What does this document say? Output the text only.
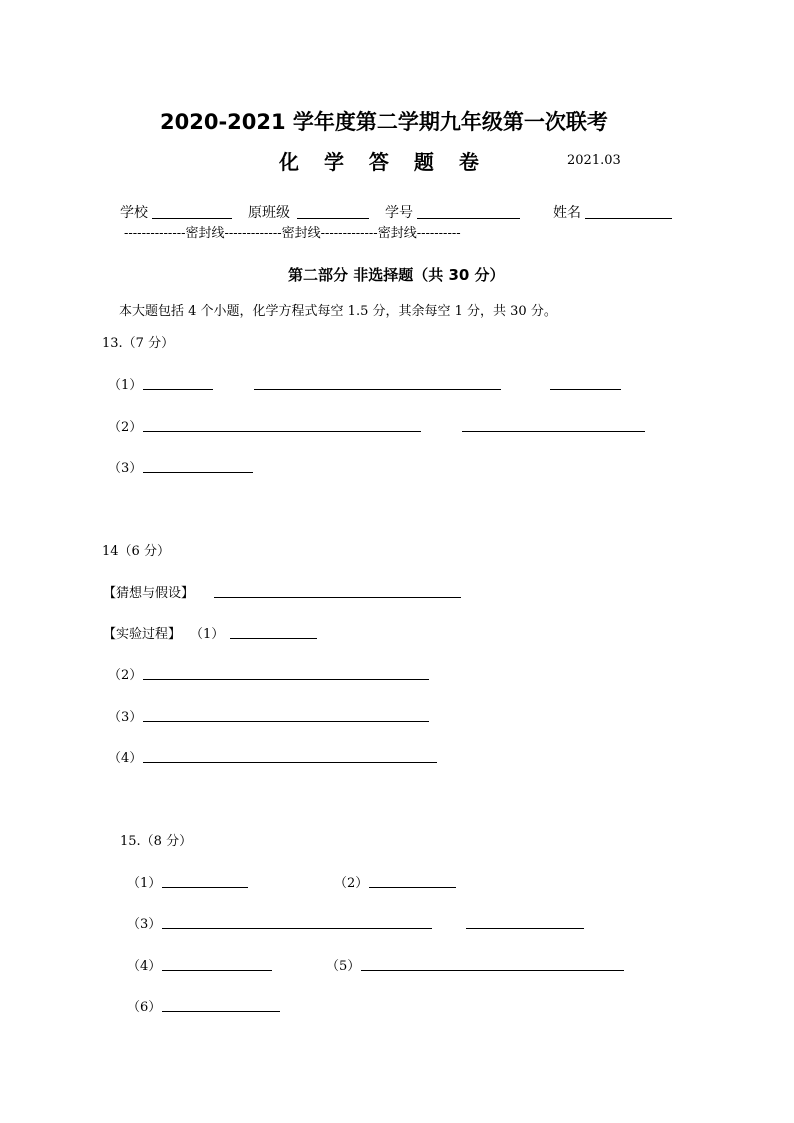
2020-2021 学年度第二学期九年级第一次联考
化 学 答 题 卷	2021.03
学校	原班级	学号	姓名
--------------密封线-------------密封线-------------密封线----------
第二部分 非选择题（共 30 分）
本大题包括 4 个小题，化学方程式每空 1.5 分，其余每空 1 分，共 30 分。
13.（7 分）
（1）
（2）
（3）
14（6 分）
【猜想与假设】
【实验过程】 （1）
（2）
（3）
（4）
15.（8 分）
（1）	（2）
（3）
（4）	（5）
（6）
